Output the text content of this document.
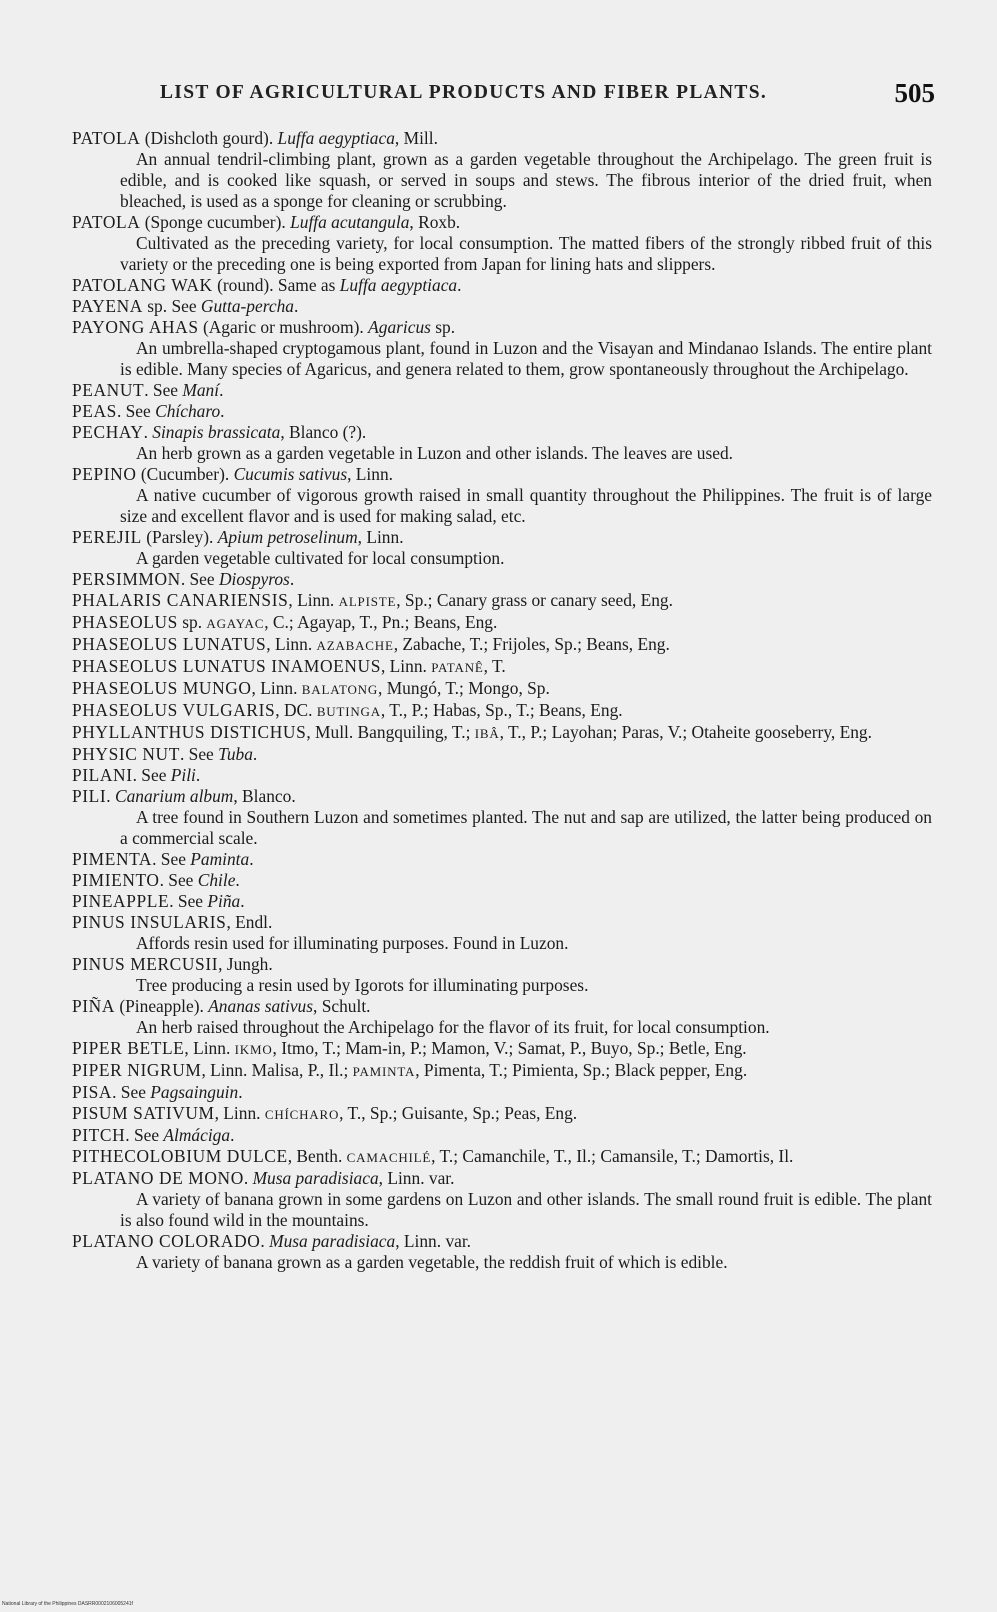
LIST OF AGRICULTURAL PRODUCTS AND FIBER PLANTS.	505

PATOLA (Dishcloth gourd). Luffa aegyptiaca, Mill.

An annual tendril-climbing plant, grown as a garden vegetable throughout the Archipelago. The green fruit is edible, and is cooked like squash, or served in soups and stews. The fibrous interior of the dried fruit, when bleached, is used as a sponge for cleaning or scrubbing.

PATOLA (Sponge cucumber). Luffa acutangula, Roxb.

Cultivated as the preceding variety, for local consumption. The matted fibers of the strongly ribbed fruit of this variety or the preceding one is being exported from Japan for lining hats and slippers.

PATOLANG WAK (round). Same as Luffa aegyptiaca.

PAYENA sp. See Gutta-percha.

PAYONG AHAS (Agaric or mushroom). Agaricus sp.

An umbrella-shaped cryptogamous plant, found in Luzon and the Visayan and Mindanao Islands. The entire plant is edible. Many species of Agaricus, and genera related to them, grow spontaneously throughout the Archipelago.

PEANUT. See Maní.

PEAS. See Chícharo.

PECHAY. Sinapis brassicata, Blanco (?).

An herb grown as a garden vegetable in Luzon and other islands. The leaves are used.

PEPINO (Cucumber). Cucumis sativus, Linn.

A native cucumber of vigorous growth raised in small quantity throughout the Philippines. The fruit is of large size and excellent flavor and is used for making salad, etc.

PEREJIL (Parsley). Apium petroselinum, Linn.

A garden vegetable cultivated for local consumption.

PERSIMMON. See Diospyros.

PHALARIS CANARIENSIS, Linn. ALPISTE, Sp.; Canary grass or canary seed, Eng.

PHASEOLUS sp. AGAYAC, C.; Agayap, T., Pn.; Beans, Eng.

PHASEOLUS LUNATUS, Linn. AZABACHE, Zabache, T.; Frijoles, Sp.; Beans, Eng.

PHASEOLUS LUNATUS INAMOENUS, Linn. PATANÊ, T.

PHASEOLUS MUNGO, Linn. BALATONG, Mungó, T.; Mongo, Sp.

PHASEOLUS VULGARIS, DC. BUTINGA, T., P.; Habas, Sp., T.; Beans, Eng.

PHYLLANTHUS DISTICHUS, Mull. Bangquiling, T.; IBÂ, T., P.; Layohan; Paras, V.; Otaheite gooseberry, Eng.

PHYSIC NUT. See Tuba.

PILANI. See Pili.

PILI. Canarium album, Blanco.

A tree found in Southern Luzon and sometimes planted. The nut and sap are utilized, the latter being produced on a commercial scale.

PIMENTA. See Paminta.

PIMIENTO. See Chile.

PINEAPPLE. See Piña.

PINUS INSULARIS, Endl.

Affords resin used for illuminating purposes. Found in Luzon.

PINUS MERCUSII, Jungh.

Tree producing a resin used by Igorots for illuminating purposes.

PIÑA (Pineapple). Ananas sativus, Schult.

An herb raised throughout the Archipelago for the flavor of its fruit, for local consumption.

PIPER BETLE, Linn. IKMO, Itmo, T.; Mam-in, P.; Mamon, V.; Samat, P., Buyo, Sp.; Betle, Eng.

PIPER NIGRUM, Linn. Malisa, P., Il.; PAMINTA, Pimenta, T.; Pimienta, Sp.; Black pepper, Eng.

PISA. See Pagsainguin.

PISUM SATIVUM, Linn. CHÍCHARO, T., Sp.; Guisante, Sp.; Peas, Eng.

PITCH. See Almáciga.

PITHECOLOBIUM DULCE, Benth. CAMACHILÉ, T.; Camanchile, T., Il.; Camansile, T.; Damortis, Il.

PLATANO DE MONO. Musa paradisiaca, Linn. var.

A variety of banana grown in some gardens on Luzon and other islands. The small round fruit is edible. The plant is also found wild in the mountains.

PLATANO COLORADO. Musa paradisiaca, Linn. var.

A variety of banana grown as a garden vegetable, the reddish fruit of which is edible.

National Library of the Philippines DASRR0002106005241f
